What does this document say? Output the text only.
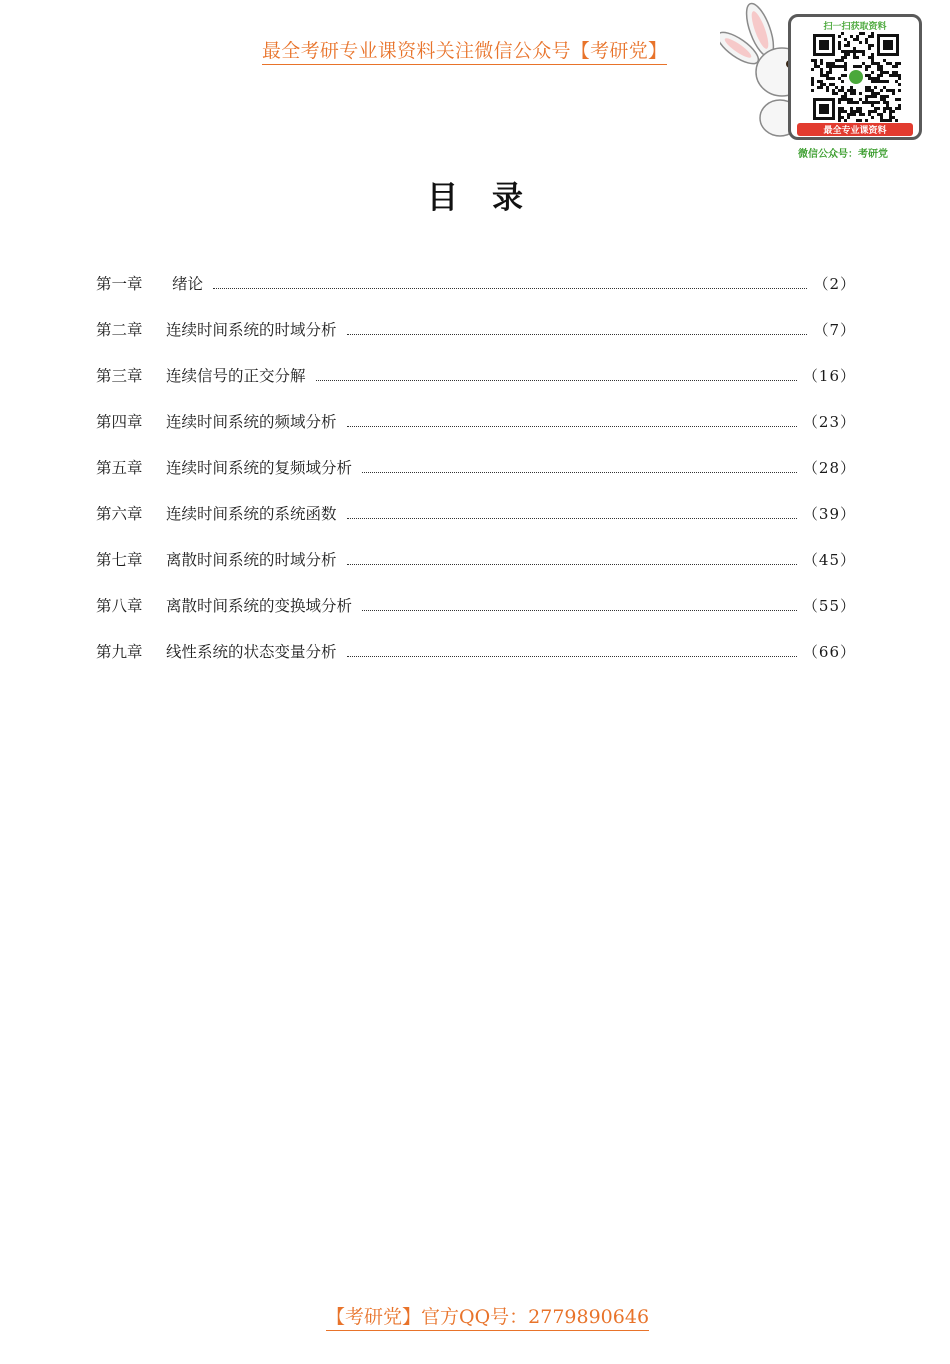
最全考研专业课资料关注微信公众号【考研党】
扫一扫获取资料
最全专业课资料
微信公众号：考研党
目录
第一章	绪论	（2）
第二章	连续时间系统的时域分析	（7）
第三章	连续信号的正交分解	（16）
第四章	连续时间系统的频域分析	（23）
第五章	连续时间系统的复频域分析	（28）
第六章	连续时间系统的系统函数	（39）
第七章	离散时间系统的时域分析	（45）
第八章	离散时间系统的变换域分析	（55）
第九章	线性系统的状态变量分析	（66）
【考研党】官方QQ号：2779890646
